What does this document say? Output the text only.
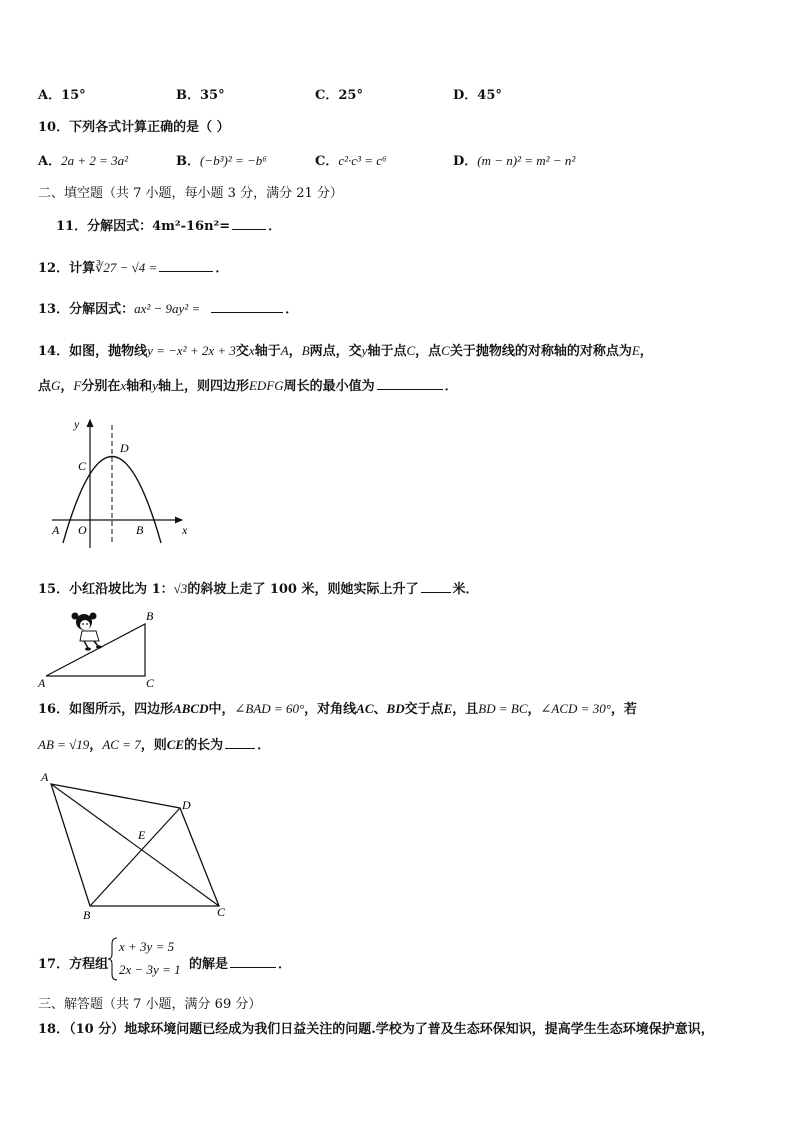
A．15°	B．35°	C．25°	D．45°
10．下列各式计算正确的是（ ）
A．2a + 2 = 3a²	B．(−b³)² = −b⁶	C．c²·c³ = c⁶	D．(m − n)² = m² − n²
二、填空题（共 7 小题，每小题 3 分，满分 21 分）
11．分解因式：4m²-16n²=	．
12．计算∛27 − √4 =	．
13．分解因式：ax² − 9ay² =	．
14．如图，抛物线y = −x² + 2x + 3交x轴于A，B两点，交y轴于点C，点C关于抛物线的对称轴的对称点为E，
点G，F分别在x轴和y轴上，则四边形EDFG周长的最小值为	．
y
x
D
C
A O	B
15．小红沿坡比为 1：√3的斜坡上走了 100 米，则她实际上升了	米．
A
B
C
16．如图所示，四边形ABCD中，∠BAD = 60°，对角线AC、BD交于点E，且BD = BC，∠ACD = 30°，若
AB = √19，AC = 7，则CE的长为	．
A
D
E
B	C
17．方程组
x + 3y = 5
2x − 3y = 1 的解是	．
三、解答题（共 7 小题，满分 69 分）
18．（10 分）地球环境问题已经成为我们日益关注的问题.学校为了普及生态环保知识，提高学生生态环境保护意识，
